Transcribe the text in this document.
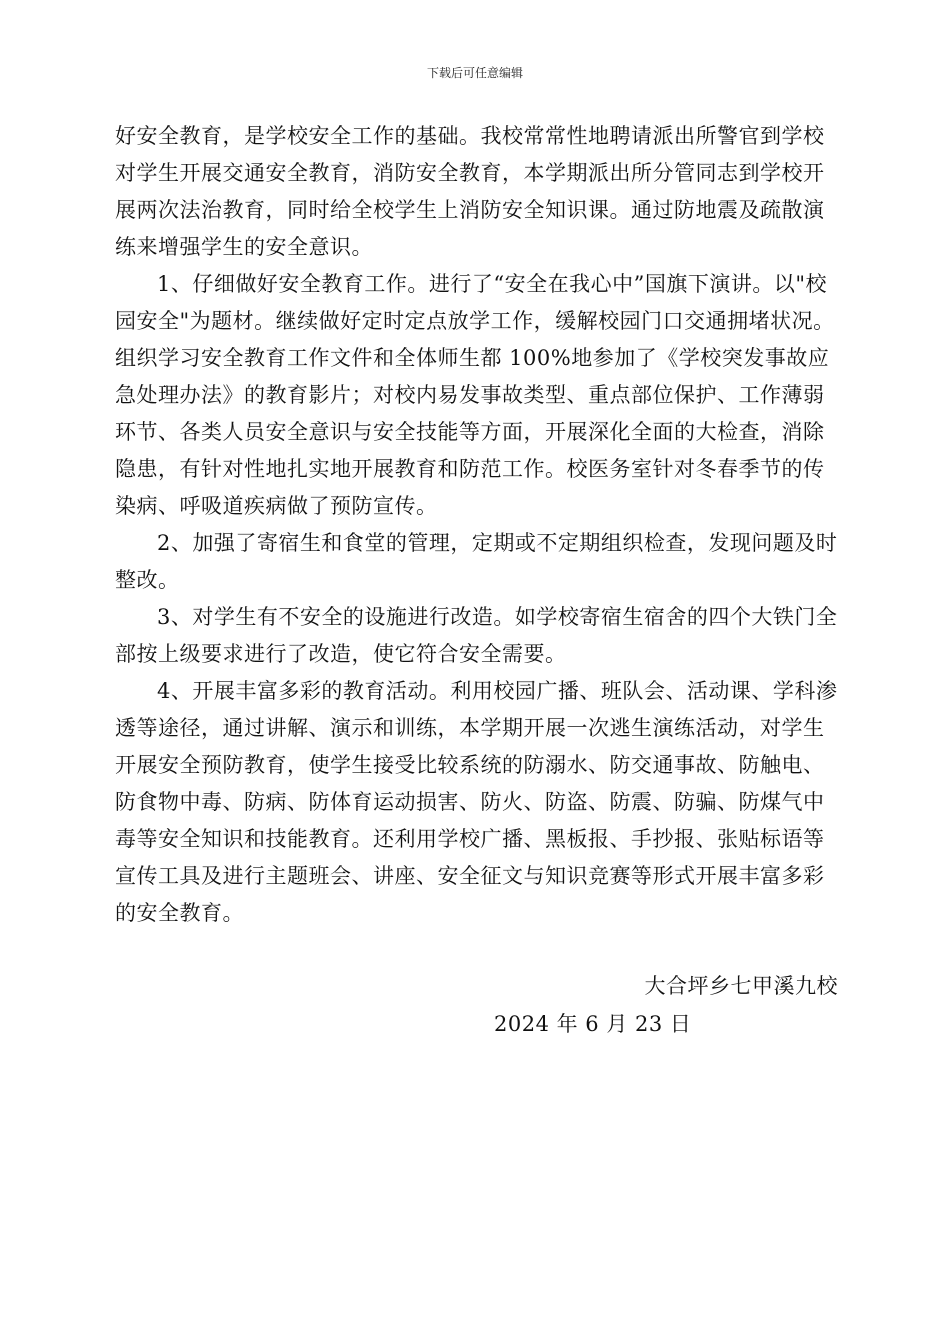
下载后可任意编辑

好安全教育，是学校安全工作的基础。我校常常性地聘请派出所警官到学校对学生开展交通安全教育，消防安全教育，本学期派出所分管同志到学校开展两次法治教育，同时给全校学生上消防安全知识课。通过防地震及疏散演练来增强学生的安全意识。

1、仔细做好安全教育工作。进行了“安全在我心中”国旗下演讲。以"校园安全"为题材。继续做好定时定点放学工作，缓解校园门口交通拥堵状况。组织学习安全教育工作文件和全体师生都 100%地参加了《学校突发事故应急处理办法》的教育影片；对校内易发事故类型、重点部位保护、工作薄弱环节、各类人员安全意识与安全技能等方面，开展深化全面的大检查，消除隐患，有针对性地扎实地开展教育和防范工作。校医务室针对冬春季节的传染病、呼吸道疾病做了预防宣传。

2、加强了寄宿生和食堂的管理，定期或不定期组织检查，发现问题及时整改。

3、对学生有不安全的设施进行改造。如学校寄宿生宿舍的四个大铁门全部按上级要求进行了改造，使它符合安全需要。

4、开展丰富多彩的教育活动。利用校园广播、班队会、活动课、学科渗透等途径，通过讲解、演示和训练，本学期开展一次逃生演练活动，对学生开展安全预防教育，使学生接受比较系统的防溺水、防交通事故、防触电、防食物中毒、防病、防体育运动损害、防火、防盗、防震、防骗、防煤气中毒等安全知识和技能教育。还利用学校广播、黑板报、手抄报、张贴标语等宣传工具及进行主题班会、讲座、安全征文与知识竞赛等形式开展丰富多彩的安全教育。

大合坪乡七甲溪九校
2024 年 6 月 23 日
